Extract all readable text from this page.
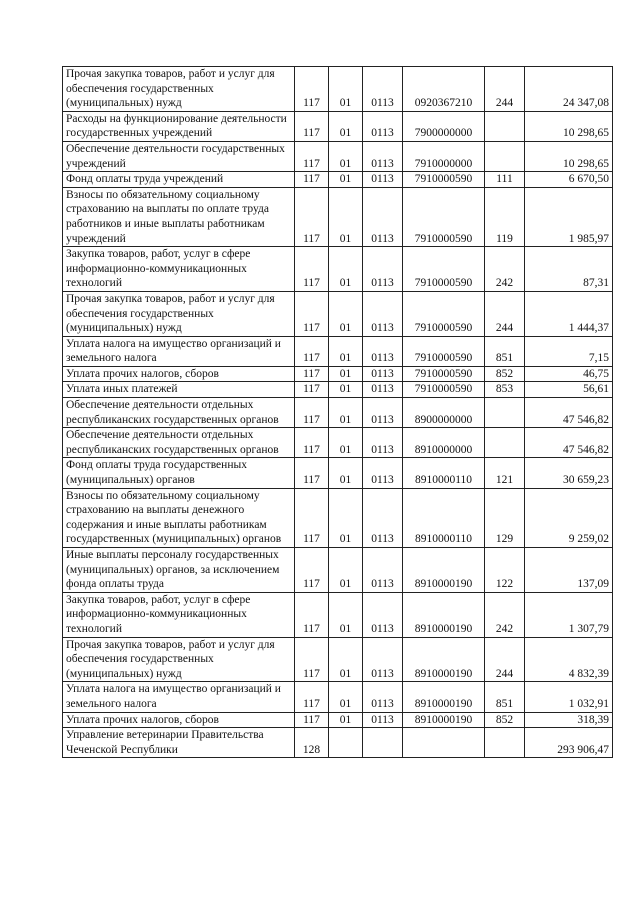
Прочая закупка товаров, работ и услуг для обеспечения государственных (муниципальных) нужд	117	01	0113	0920367210	244	24 347,08
Расходы на функционирование деятельности государственных учреждений	117	01	0113	7900000000		10 298,65
Обеспечение деятельности государственных учреждений	117	01	0113	7910000000		10 298,65
Фонд оплаты труда учреждений	117	01	0113	7910000590	111	6 670,50
Взносы по обязательному социальному страхованию на выплаты по оплате труда работников и иные выплаты работникам учреждений	117	01	0113	7910000590	119	1 985,97
Закупка товаров, работ, услуг в сфере информационно-коммуникационных технологий	117	01	0113	7910000590	242	87,31
Прочая закупка товаров, работ и услуг для обеспечения государственных (муниципальных) нужд	117	01	0113	7910000590	244	1 444,37
Уплата налога на имущество организаций и земельного налога	117	01	0113	7910000590	851	7,15
Уплата прочих налогов, сборов	117	01	0113	7910000590	852	46,75
Уплата иных платежей	117	01	0113	7910000590	853	56,61
Обеспечение деятельности отдельных республиканских государственных органов	117	01	0113	8900000000		47 546,82
Обеспечение деятельности отдельных республиканских государственных органов	117	01	0113	8910000000		47 546,82
Фонд оплаты труда государственных (муниципальных) органов	117	01	0113	8910000110	121	30 659,23
Взносы по обязательному социальному страхованию на выплаты денежного содержания и иные выплаты работникам государственных (муниципальных) органов	117	01	0113	8910000110	129	9 259,02
Иные выплаты персоналу государственных (муниципальных) органов, за исключением фонда оплаты труда	117	01	0113	8910000190	122	137,09
Закупка товаров, работ, услуг в сфере информационно-коммуникационных технологий	117	01	0113	8910000190	242	1 307,79
Прочая закупка товаров, работ и услуг для обеспечения государственных (муниципальных) нужд	117	01	0113	8910000190	244	4 832,39
Уплата налога на имущество организаций и земельного налога	117	01	0113	8910000190	851	1 032,91
Уплата прочих налогов, сборов	117	01	0113	8910000190	852	318,39
Управление ветеринарии Правительства Чеченской Республики	128					293 906,47
